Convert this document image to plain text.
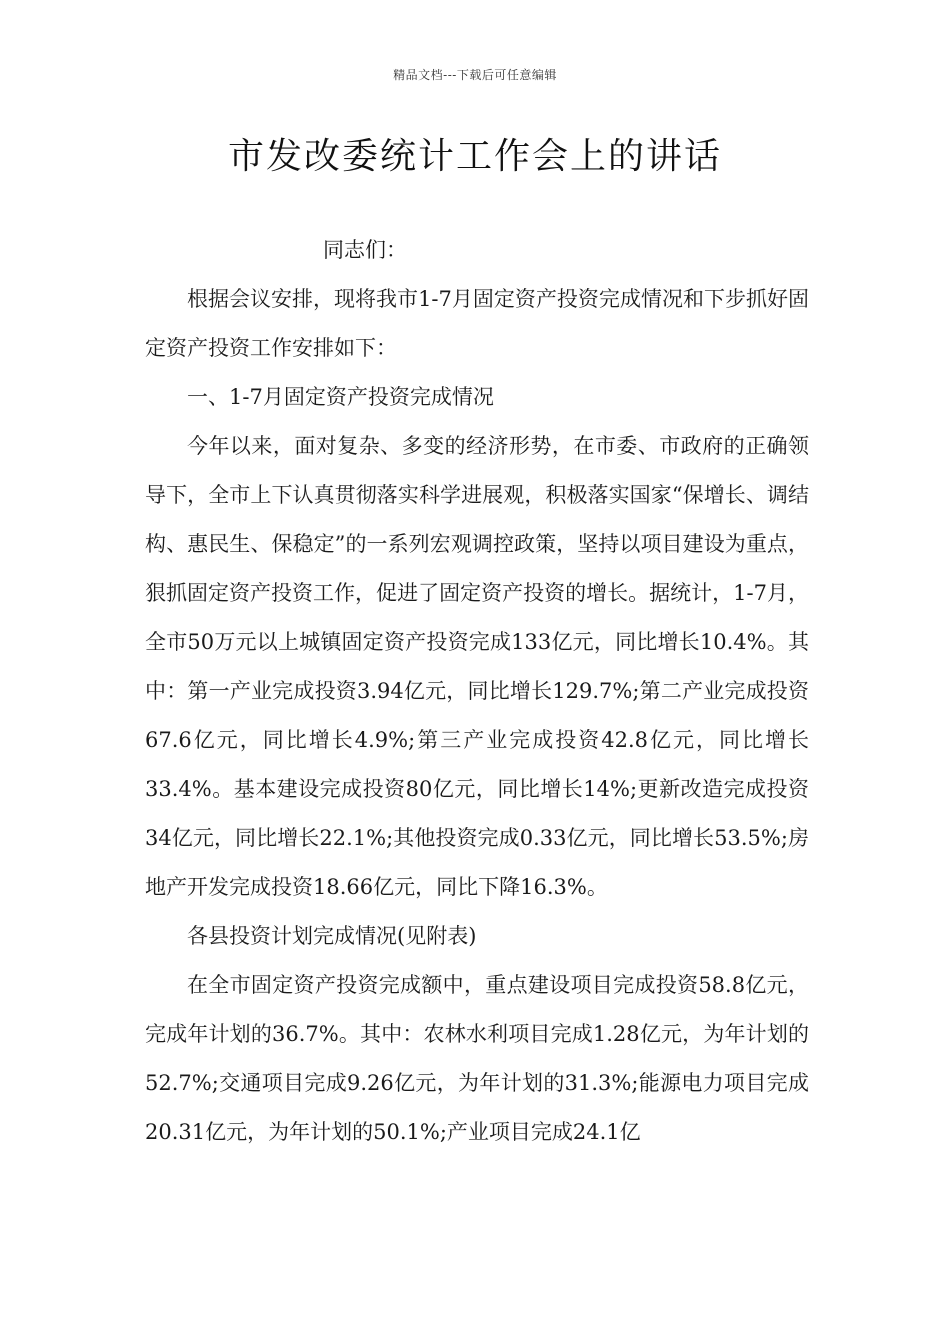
精品文档---下载后可任意编辑
市发改委统计工作会上的讲话

同志们：

根据会议安排，现将我市1-7月固定资产投资完成情况和下步抓好固定资产投资工作安排如下：

一、1-7月固定资产投资完成情况

今年以来，面对复杂、多变的经济形势，在市委、市政府的正确领导下，全市上下认真贯彻落实科学进展观，积极落实国家“保增长、调结构、惠民生、保稳定”的一系列宏观调控政策，坚持以项目建设为重点，狠抓固定资产投资工作，促进了固定资产投资的增长。据统计，1-7月，全市50万元以上城镇固定资产投资完成133亿元，同比增长10.4%。其中：第一产业完成投资3.94亿元，同比增长129.7%;第二产业完成投资67.6亿元，同比增长4.9%;第三产业完成投资42.8亿元，同比增长33.4%。基本建设完成投资80亿元，同比增长14%;更新改造完成投资34亿元，同比增长22.1%;其他投资完成0.33亿元，同比增长53.5%;房地产开发完成投资18.66亿元，同比下降16.3%。

各县投资计划完成情况(见附表)

在全市固定资产投资完成额中，重点建设项目完成投资58.8亿元，完成年计划的36.7%。其中：农林水利项目完成1.28亿元，为年计划的52.7%;交通项目完成9.26亿元，为年计划的31.3%;能源电力项目完成20.31亿元，为年计划的50.1%;产业项目完成24.1亿
